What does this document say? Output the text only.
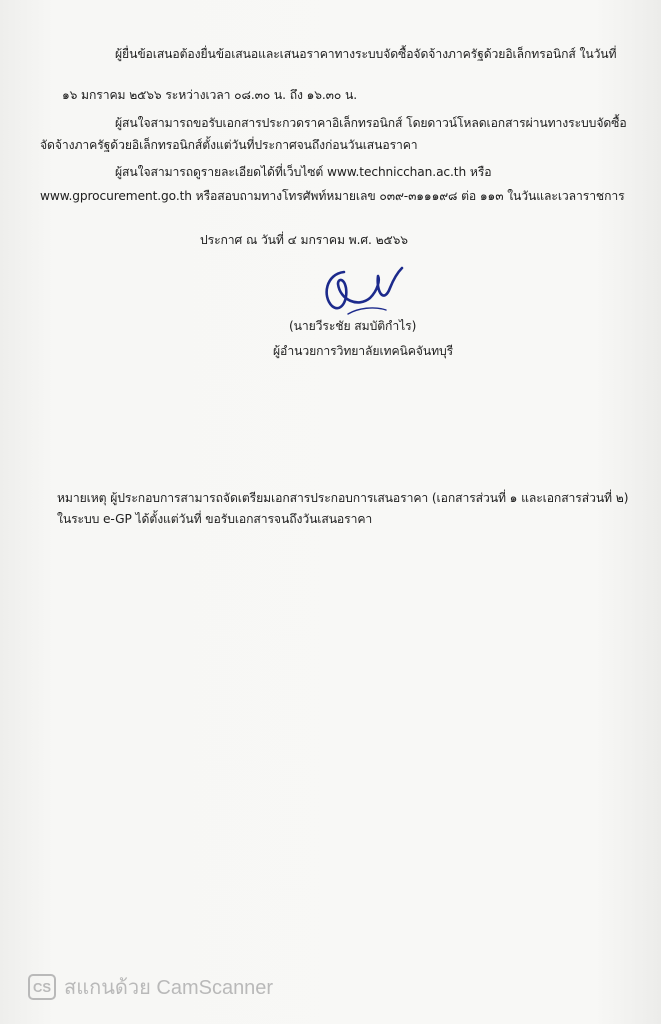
ผู้ยื่นข้อเสนอต้องยื่นข้อเสนอและเสนอราคาทางระบบจัดซื้อจัดจ้างภาครัฐด้วยอิเล็กทรอนิกส์ ในวันที่
๑๖ มกราคม ๒๕๖๖ ระหว่างเวลา ๐๘.๓๐ น. ถึง ๑๖.๓๐ น.
ผู้สนใจสามารถขอรับเอกสารประกวดราคาอิเล็กทรอนิกส์ โดยดาวน์โหลดเอกสารผ่านทางระบบจัดซื้อ
จัดจ้างภาครัฐด้วยอิเล็กทรอนิกส์ตั้งแต่วันที่ประกาศจนถึงก่อนวันเสนอราคา
ผู้สนใจสามารถดูรายละเอียดได้ที่เว็บไซต์ www.technicchan.ac.th หรือ
www.gprocurement.go.th หรือสอบถามทางโทรศัพท์หมายเลข ๐๓๙-๓๑๑๑๙๘ ต่อ ๑๑๓ ในวันและเวลาราชการ
ประกาศ ณ วันที่ ๔ มกราคม พ.ศ. ๒๕๖๖
(นายวีระชัย สมบัติกำไร)
ผู้อำนวยการวิทยาลัยเทคนิคจันทบุรี
หมายเหตุ ผู้ประกอบการสามารถจัดเตรียมเอกสารประกอบการเสนอราคา (เอกสารส่วนที่ ๑ และเอกสารส่วนที่ ๒)
ในระบบ e-GP ได้ตั้งแต่วันที่ ขอรับเอกสารจนถึงวันเสนอราคา
CS สแกนด้วย CamScanner
